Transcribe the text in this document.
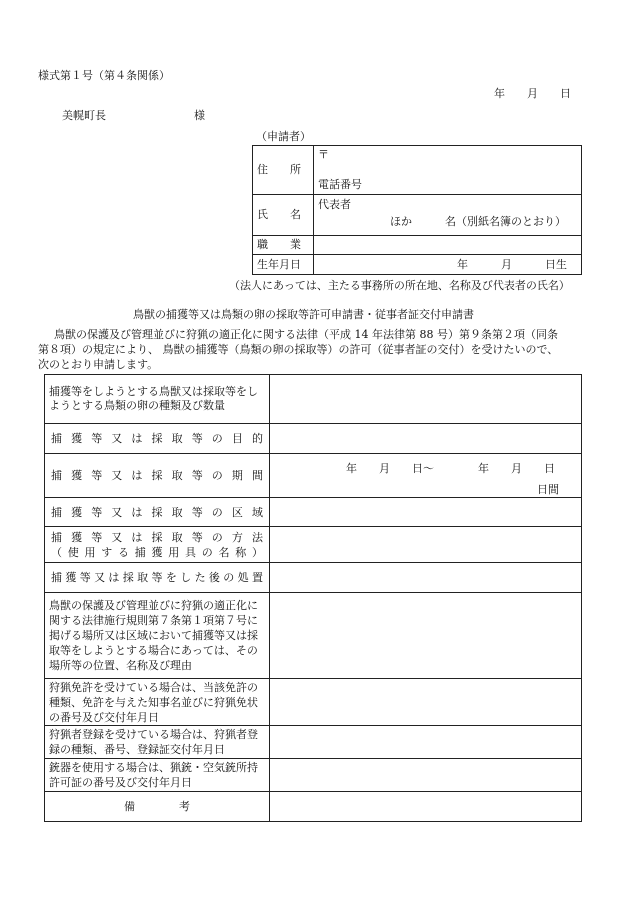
様式第１号（第４条関係）
年　　月　　日
美幌町長　　　　　　　　様
（申請者）
住　　所	〒
電話番号

氏　　名	代表者
ほか　　　名（別紙名簿のとおり）

職　　業	
生年月日	年　　　月　　　日生
（法人にあっては、主たる事務所の所在地、名称及び代表者の氏名）
鳥獣の捕獲等又は鳥類の卵の採取等許可申請書・従事者証交付申請書
鳥獣の保護及び管理並びに狩猟の適正化に関する法律（平成 14 年法律第 88 号）第９条第２項（同条
第８項）の規定により、 鳥獣の捕獲等（鳥類の卵の採取等）の許可（従事者証の交付）を受けたいので、
次のとおり申請します。
捕獲等をしようとする鳥獣又は採取等をしようとする鳥類の卵の種類及び数量	

捕獲等又は採取等の目的	

捕獲等又は採取等の期間	年　　月　　日〜　　　　年　　月　　日
日間

捕獲等又は採取等の区域	

捕獲等又は採取等の方法
（使用する捕獲用具の名称）	

捕獲等又は採取等をした後の処置	

鳥獣の保護及び管理並びに狩猟の適正化に関する法律施行規則第７条第１項第７号に掲げる場所又は区域において捕獲等又は採取等をしようとする場合にあっては、その場所等の位置、名称及び理由	
狩猟免許を受けている場合は、当該免許の種類、免許を与えた知事名並びに狩猟免状の番号及び交付年月日	
狩猟者登録を受けている場合は、狩猟者登録の種類、番号、登録証交付年月日	
銃器を使用する場合は、猟銃・空気銃所持許可証の番号及び交付年月日	
備　　　　考	
